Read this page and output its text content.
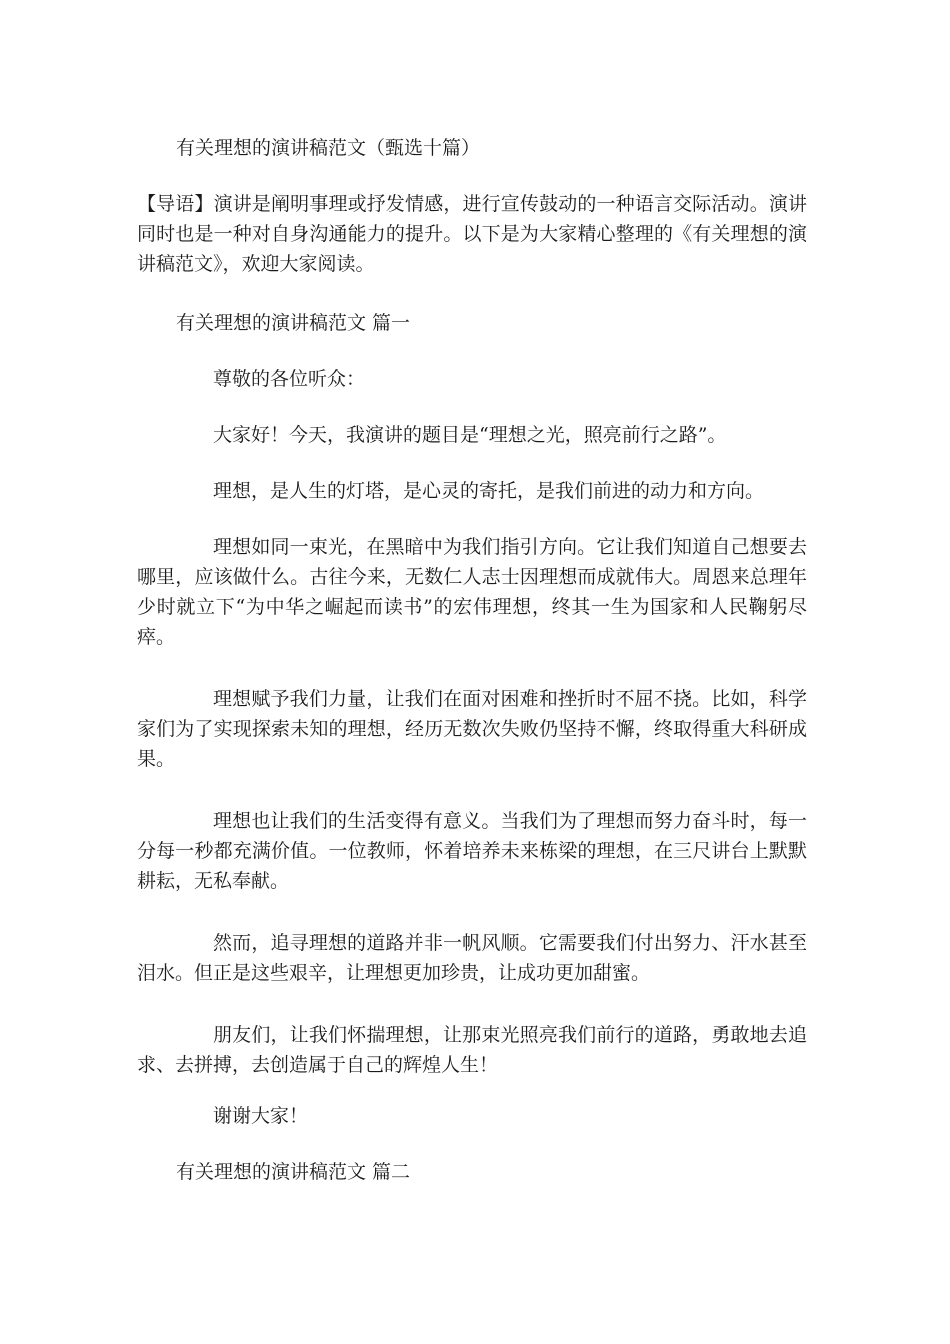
有关理想的演讲稿范文（甄选十篇）
【导语】演讲是阐明事理或抒发情感，进行宣传鼓动的一种语言交际活动。演讲同时也是一种对自身沟通能力的提升。以下是为大家精心整理的《有关理想的演讲稿范文》，欢迎大家阅读。
有关理想的演讲稿范文 篇一
尊敬的各位听众：
大家好！今天，我演讲的题目是“理想之光，照亮前行之路”。
理想，是人生的灯塔，是心灵的寄托，是我们前进的动力和方向。
理想如同一束光，在黑暗中为我们指引方向。它让我们知道自己想要去哪里，应该做什么。古往今来，无数仁人志士因理想而成就伟大。周恩来总理年少时就立下“为中华之崛起而读书”的宏伟理想，终其一生为国家和人民鞠躬尽瘁。
理想赋予我们力量，让我们在面对困难和挫折时不屈不挠。比如，科学家们为了实现探索未知的理想，经历无数次失败仍坚持不懈，终取得重大科研成果。
理想也让我们的生活变得有意义。当我们为了理想而努力奋斗时，每一分每一秒都充满价值。一位教师，怀着培养未来栋梁的理想，在三尺讲台上默默耕耘，无私奉献。
然而，追寻理想的道路并非一帆风顺。它需要我们付出努力、汗水甚至泪水。但正是这些艰辛，让理想更加珍贵，让成功更加甜蜜。
朋友们，让我们怀揣理想，让那束光照亮我们前行的道路，勇敢地去追求、去拼搏，去创造属于自己的辉煌人生！
谢谢大家！
有关理想的演讲稿范文 篇二
